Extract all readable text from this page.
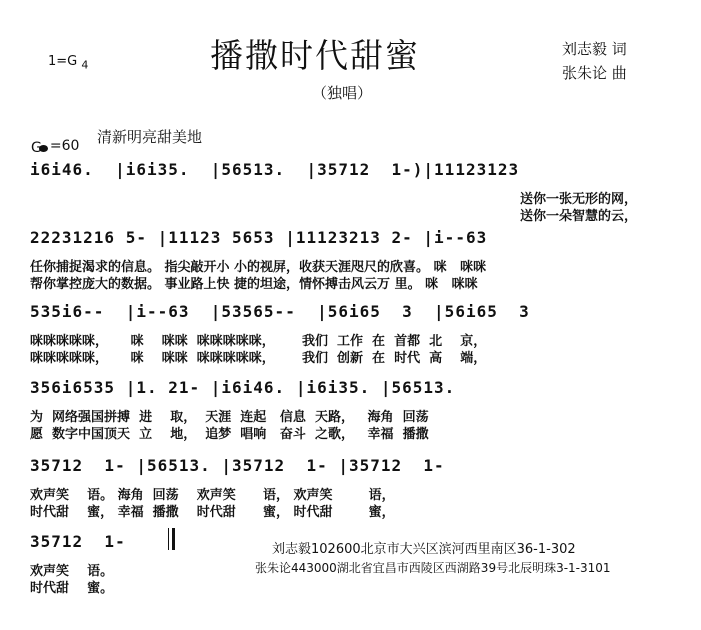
1=G $_4$	播撒时代甜蜜
（独唱）
刘志毅 词
张朱论 曲

=60

G

清新明亮甜美地
i6i46.  |i6i35.  |56513.  |35712  1-)|11123123
送你一张无形的网，
送你一朵智慧的云，
22231216 5- |11123 5653 |11123213 2- |i--63
任你捕捉渴求的信息。 指尖敲开小 小的视屏，收获天涯咫尺的欣喜。 咪   咪咪
帮你掌控庞大的数据。 事业路上快 捷的坦途，情怀搏击风云万 里。 咪   咪咪
535i6--  |i--63  |53565--  |56i65  3  |56i65  3
咪咪咪咪咪，     咪    咪咪  咪咪咪咪咪，      我们  工作  在  首都  北    京，
咪咪咪咪咪，     咪    咪咪  咪咪咪咪咪，      我们  创新  在  时代  高    端，
356i6535 |1. 21- |i6i46. |i6i35. |56513.
为  网络强国拼搏  进    取，  天涯  连起   信息  天路，   海角  回荡
愿  数字中国顶天  立    地，  追梦  唱响   奋斗  之歌，   幸福  播撒
35712  1- |56513. |35712  1- |35712  1-
欢声笑    语。 海角  回荡    欢声笑      语， 欢声笑        语，
时代甜    蜜， 幸福  播撒    时代甜      蜜， 时代甜        蜜，
35712  1-
欢声笑    语。
时代甜    蜜。
刘志毅102600北京市大兴区滨河西里南区36-1-302
张朱论443000湖北省宜昌市西陵区西湖路39号北辰明珠3-1-3101
